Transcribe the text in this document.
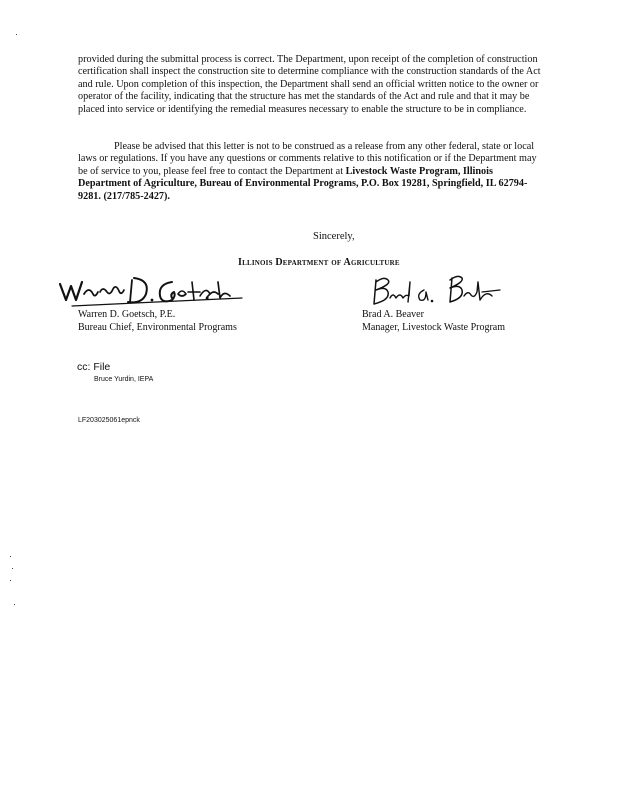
provided during the submittal process is correct. The Department, upon receipt of the completion of construction certification shall inspect the construction site to determine compliance with the construction standards of the Act and rule. Upon completion of this inspection, the Department shall send an official written notice to the owner or operator of the facility, indicating that the structure has met the standards of the Act and rule and that it may be placed into service or identifying the remedial measures necessary to enable the structure to be in compliance.
Please be advised that this letter is not to be construed as a release from any other federal, state or local laws or regulations. If you have any questions or comments relative to this notification or if the Department may be of service to you, please feel free to contact the Department at Livestock Waste Program, Illinois Department of Agriculture, Bureau of Environmental Programs, P.O. Box 19281, Springfield, IL 62794-9281. (217/785-2427).
Sincerely,
Illinois Department of Agriculture
Warren D. Goetsch, P.E.
Bureau Chief, Environmental Programs
Brad A. Beaver
Manager, Livestock Waste Program
cc: File
Bruce Yurdin, IEPA
LF203025061epnck
